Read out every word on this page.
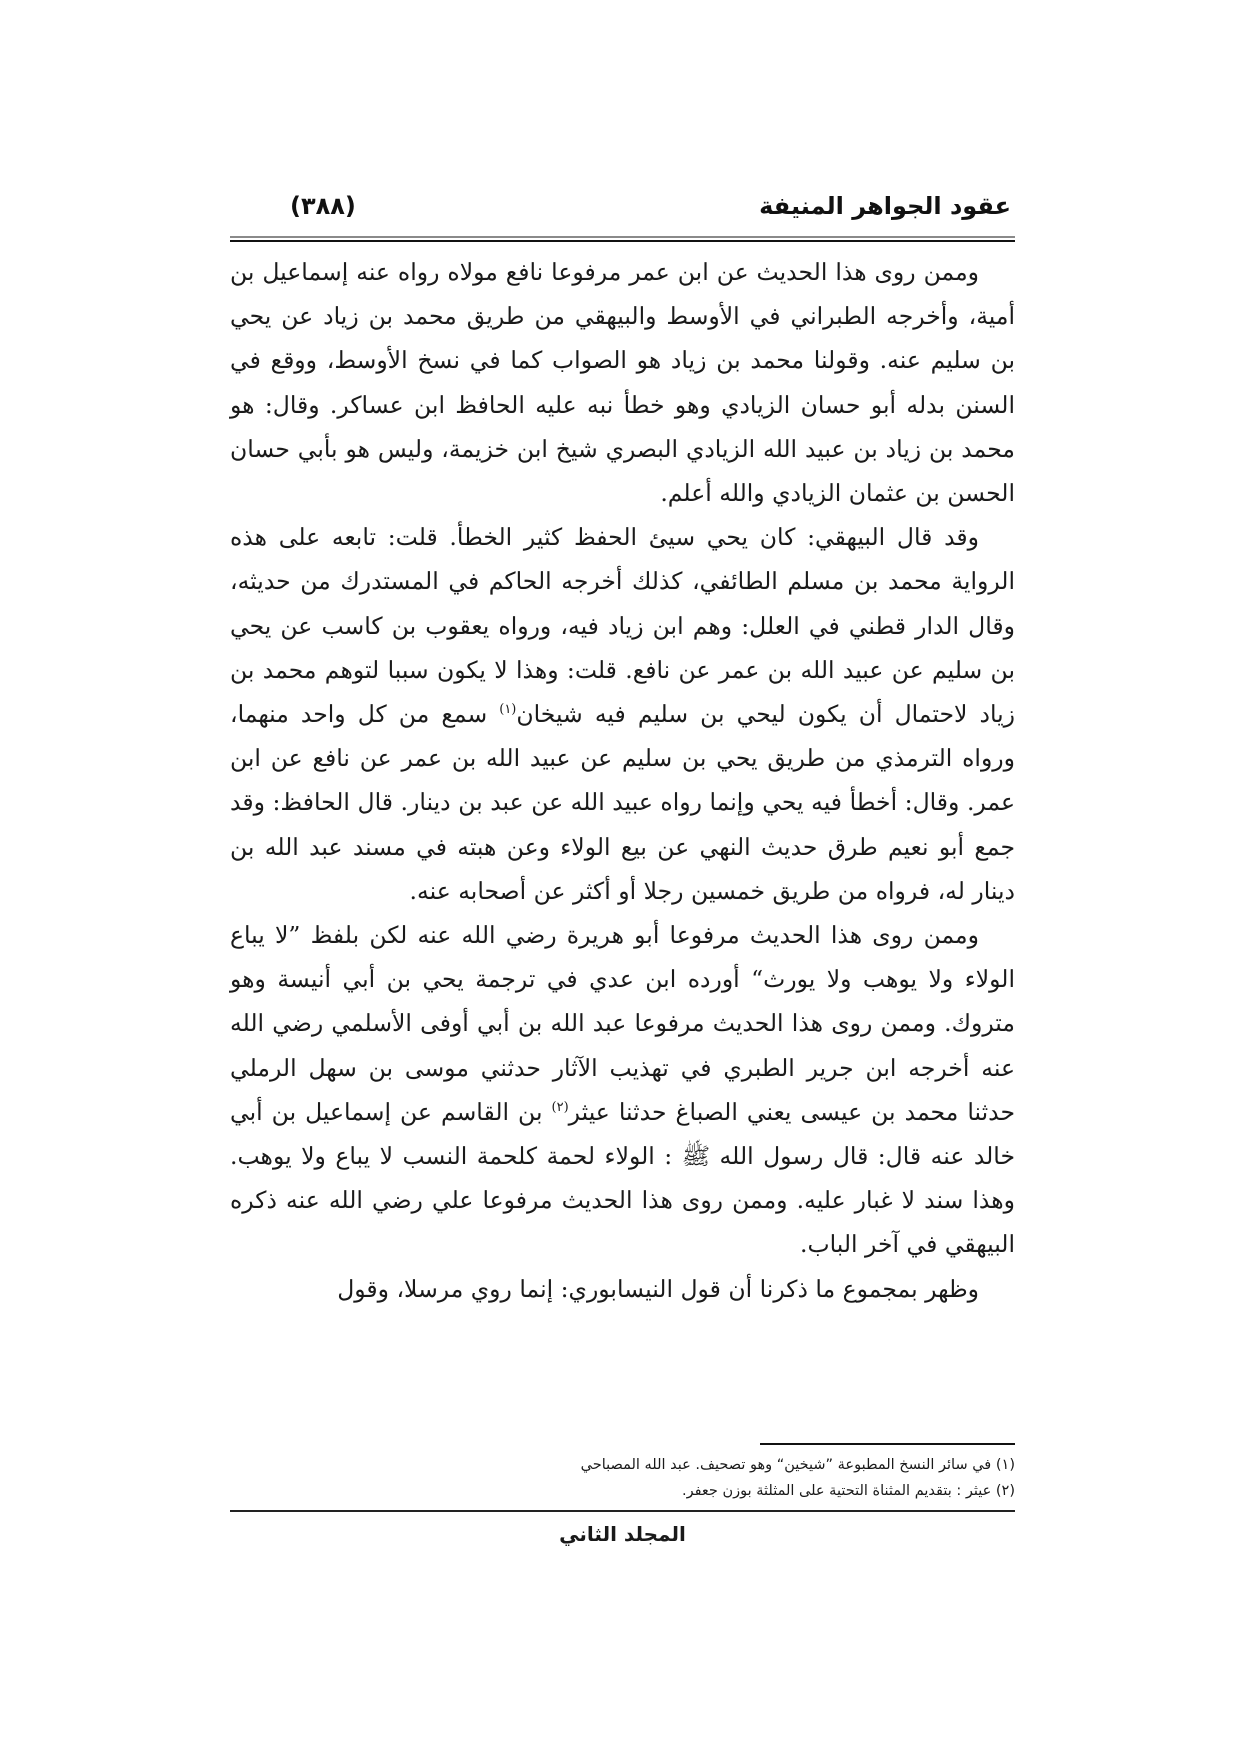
عقود الجواهر المنيفة
(٣٨٨)

وممن روى هذا الحديث عن ابن عمر مرفوعا نافع مولاه رواه عنه إسماعيل بن أمية، وأخرجه الطبراني في الأوسط والبيهقي من طريق محمد بن زياد عن يحي بن سليم عنه. وقولنا محمد بن زياد هو الصواب كما في نسخ الأوسط، ووقع في السنن بدله أبو حسان الزيادي وهو خطأ نبه عليه الحافظ ابن عساكر. وقال: هو محمد بن زياد بن عبيد الله الزيادي البصري شيخ ابن خزيمة، وليس هو بأبي حسان الحسن بن عثمان الزيادي والله أعلم.

وقد قال البيهقي: كان يحي سيئ الحفظ كثير الخطأ. قلت: تابعه على هذه الرواية محمد بن مسلم الطائفي، كذلك أخرجه الحاكم في المستدرك من حديثه، وقال الدار قطني في العلل: وهم ابن زياد فيه، ورواه يعقوب بن كاسب عن يحي بن سليم عن عبيد الله بن عمر عن نافع. قلت: وهذا لا يكون سببا لتوهم محمد بن زياد لاحتمال أن يكون ليحي بن سليم فيه شيخان$^{(١)}$ سمع من كل واحد منهما، ورواه الترمذي من طريق يحي بن سليم عن عبيد الله بن عمر عن نافع عن ابن عمر. وقال: أخطأ فيه يحي وإنما رواه عبيد الله عن عبد بن دينار. قال الحافظ: وقد جمع أبو نعيم طرق حديث النهي عن بيع الولاء وعن هبته في مسند عبد الله بن دينار له، فرواه من طريق خمسين رجلا أو أكثر عن أصحابه عنه.

وممن روى هذا الحديث مرفوعا أبو هريرة رضي الله عنه لكن بلفظ ”لا يباع الولاء ولا يوهب ولا يورث“ أورده ابن عدي في ترجمة يحي بن أبي أنيسة وهو متروك. وممن روى هذا الحديث مرفوعا عبد الله بن أبي أوفى الأسلمي رضي الله عنه أخرجه ابن جرير الطبري في تهذيب الآثار حدثني موسى بن سهل الرملي حدثنا محمد بن عيسى يعني الصباغ حدثنا عيثر$^{(٢)}$ بن القاسم عن إسماعيل بن أبي خالد عنه قال: قال رسول الله ﷺ : الولاء لحمة كلحمة النسب لا يباع ولا يوهب. وهذا سند لا غبار عليه. وممن روى هذا الحديث مرفوعا علي رضي الله عنه ذكره البيهقي في آخر الباب.

وظهر بمجموع ما ذكرنا أن قول النيسابوري: إنما روي مرسلا، وقول

(١) في سائر النسخ المطبوعة ”شيخين“ وهو تصحيف. عبد الله المصباحي

(٢) عيثر : بتقديم المثناة التحتية على المثلثة بوزن جعفر.

المجلد الثاني
